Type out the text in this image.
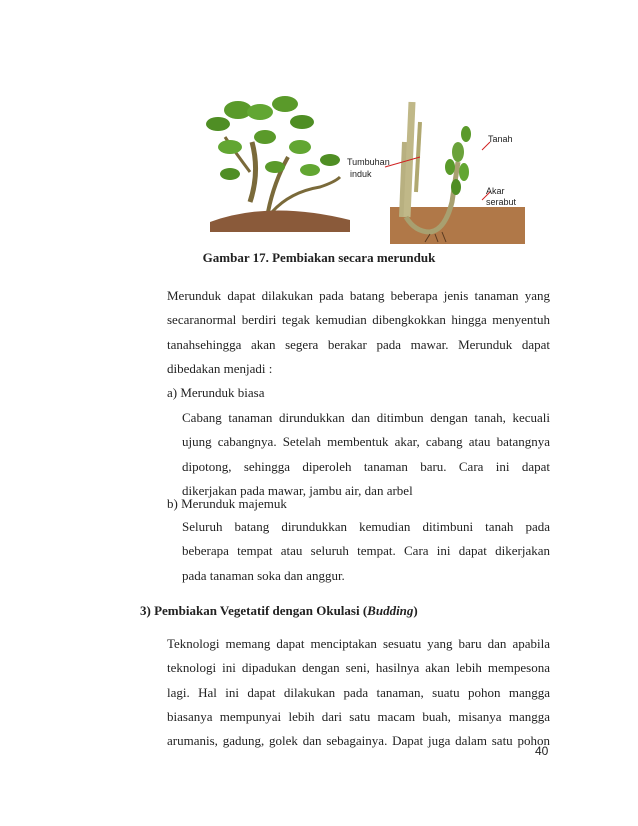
Tumbuhan
induk
Tanah
Akar
serabut
Gambar 17. Pembiakan secara merunduk
Merunduk dapat dilakukan pada batang beberapa jenis tanaman yang
secaranormal berdiri tegak kemudian dibengkokkan hingga menyentuh
tanahsehingga akan segera berakar pada mawar. Merunduk dapat
dibedakan menjadi :
a) Merunduk biasa
Cabang tanaman dirundukkan dan ditimbun dengan tanah, kecuali
ujung cabangnya. Setelah membentuk akar, cabang atau batangnya
dipotong, sehingga diperoleh tanaman baru. Cara ini dapat
dikerjakan pada mawar, jambu air, dan arbel
b) Merunduk majemuk
Seluruh batang dirundukkan kemudian ditimbuni tanah pada
beberapa tempat atau seluruh tempat. Cara ini dapat dikerjakan
pada tanaman soka dan anggur.
3) Pembiakan Vegetatif dengan Okulasi (Budding)
Teknologi memang dapat menciptakan sesuatu yang baru dan apabila
teknologi ini dipadukan dengan seni, hasilnya akan lebih mempesona
lagi. Hal ini dapat dilakukan pada tanaman, suatu pohon mangga
biasanya mempunyai lebih dari satu macam buah, misanya mangga
arumanis, gadung, golek dan sebagainya. Dapat juga dalam satu pohon
40
